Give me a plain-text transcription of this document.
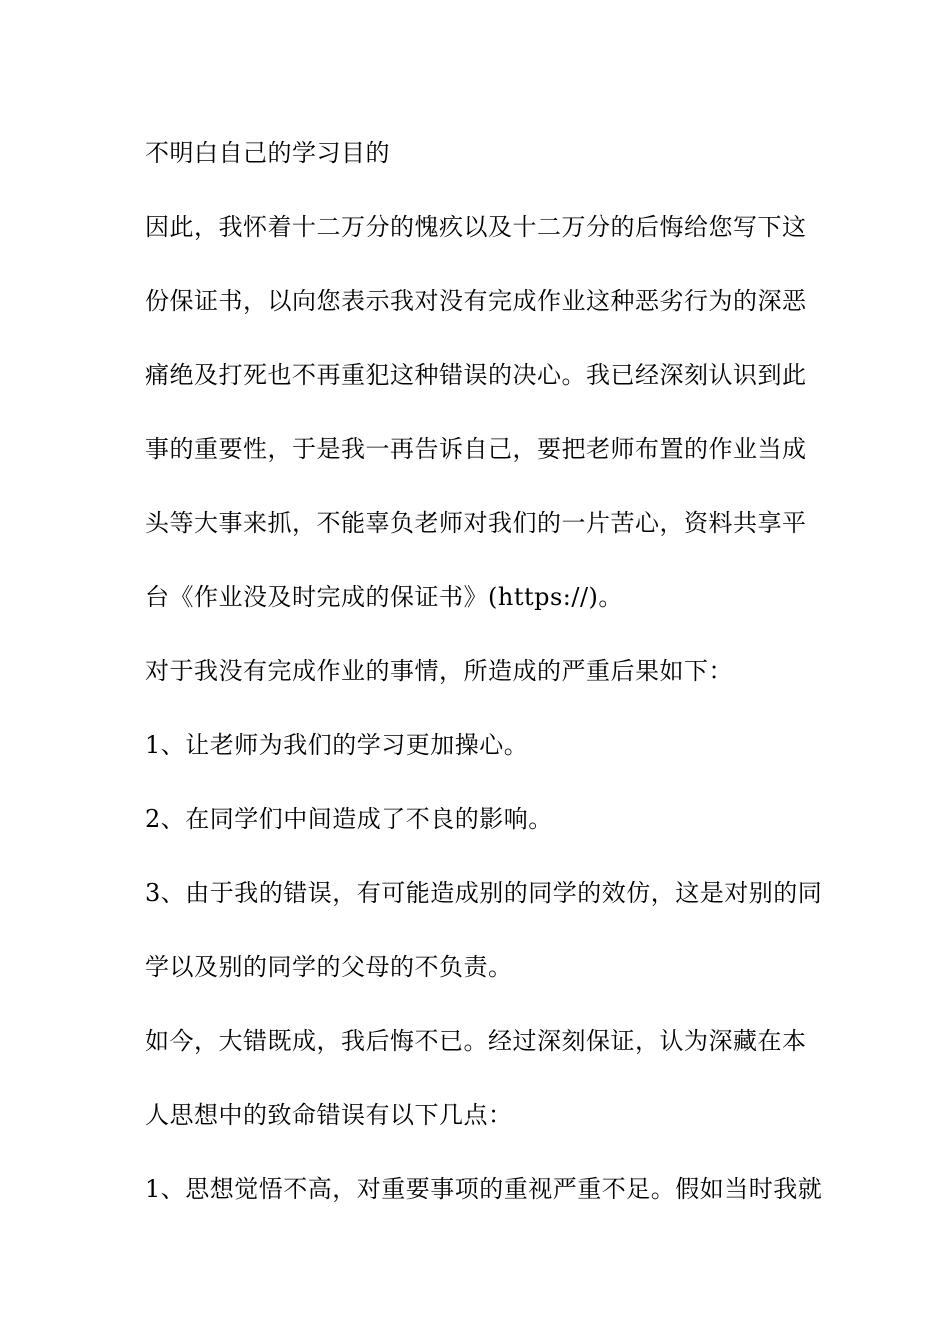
不明白自己的学习目的
因此，我怀着十二万分的愧疚以及十二万分的后悔给您写下这
份保证书，以向您表示我对没有完成作业这种恶劣行为的深恶
痛绝及打死也不再重犯这种错误的决心。我已经深刻认识到此
事的重要性，于是我一再告诉自己，要把老师布置的作业当成
头等大事来抓，不能辜负老师对我们的一片苦心，资料共享平
台《作业没及时完成的保证书》(https://)。
对于我没有完成作业的事情，所造成的严重后果如下：
1、让老师为我们的学习更加操心。
2、在同学们中间造成了不良的影响。
3、由于我的错误，有可能造成别的同学的效仿，这是对别的同
学以及别的同学的父母的不负责。
如今，大错既成，我后悔不已。经过深刻保证，认为深藏在本
人思想中的致命错误有以下几点：
1、思想觉悟不高，对重要事项的重视严重不足。假如当时我就
